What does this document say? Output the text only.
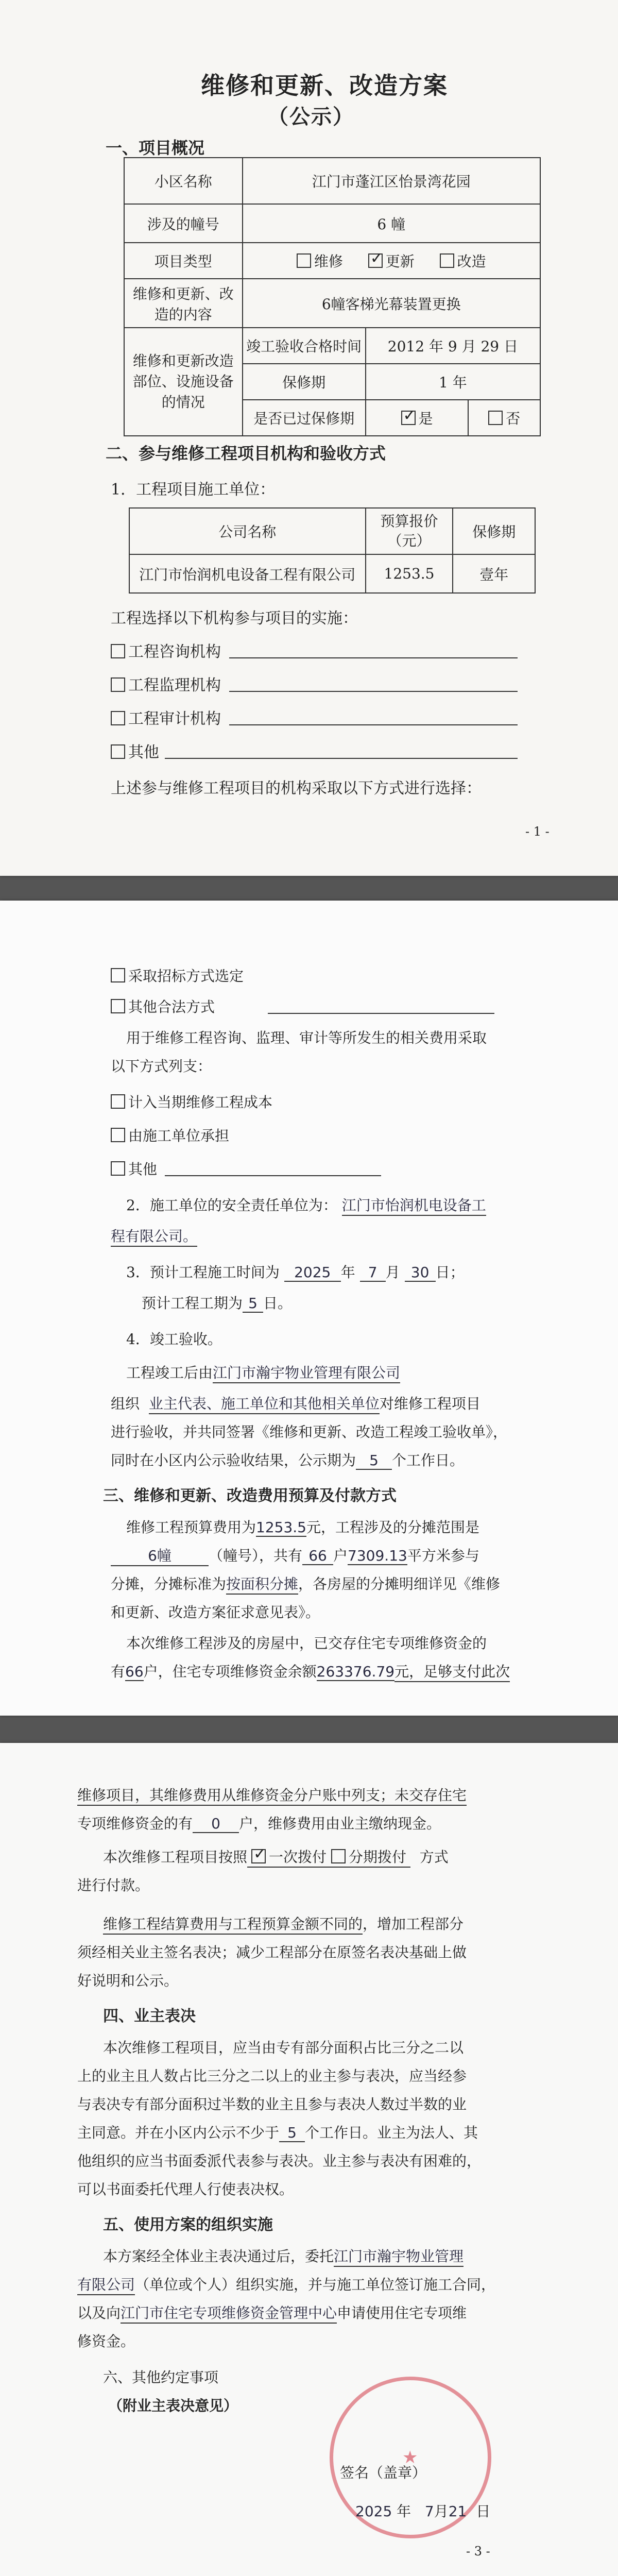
维修和更新、改造方案
（公示）
一、项目概况
小区名称	江门市蓬江区怡景湾花园		
涉及的幢号	6 幢		
项目类型	维修 ✓ 更新 改造
维修和更新、改造的内容	6幢客梯光幕装置更换		
维修和更新改造部位、设施设备的情况	竣工验收合格时间	2012 年 9 月 29 日	
	保修期	1 年	
	是否已过保修期	✓是	否
二、参与维修工程项目机构和验收方式
1．工程项目施工单位：
公司名称	预算报价（元）	保修期
江门市怡润机电设备工程有限公司	1253.5	壹年
工程选择以下机构参与项目的实施：
工程咨询机构
工程监理机构
工程审计机构
其他
上述参与维修工程项目的机构采取以下方式进行选择：
- 1 -
采取招标方式选定
其他合法方式
用于维修工程咨询、监理、审计等所发生的相关费用采取
以下方式列支：
计入当期维修工程成本
由施工单位承担
其他
2．施工单位的安全责任单位为： 江门市怡润机电设备工
程有限公司。
3．预计工程施工时间为 2025 年 7 月 30 日；
预计工程工期为 5 日。
4．竣工验收。
工程竣工后由江门市瀚宇物业管理有限公司
组织 业主代表、施工单位和其他相关单位对维修工程项目
进行验收，并共同签署《维修和更新、改造工程竣工验收单》，
同时在小区内公示验收结果，公示期为 5 个工作日。
三、维修和更新、改造费用预算及付款方式
维修工程预算费用为1253.5元，工程涉及的分摊范围是
6幢	（幢号），共有 66 户7309.13平方米参与
分摊，分摊标准为按面积分摊，各房屋的分摊明细详见《维修
和更新、改造方案征求意见表》。
本次维修工程涉及的房屋中，已交存住宅专项维修资金的
有66户，住宅专项维修资金余额263376.79元，足够支付此次
维修项目，其维修费用从维修资金分户账中列支；未交存住宅
专项维修资金的有 0 户，维修费用由业主缴纳现金。
本次维修工程项目按照 ✓ 一次拨付 分期拨付 方式
进行付款。
维修工程结算费用与工程预算金额不同的，增加工程部分
须经相关业主签名表决；减少工程部分在原签名表决基础上做
好说明和公示。
四、业主表决
本次维修工程项目，应当由专有部分面积占比三分之二以
上的业主且人数占比三分之二以上的业主参与表决，应当经参
与表决专有部分面积过半数的业主且参与表决人数过半数的业
主同意。并在小区内公示不少于 5 个工作日。业主为法人、其
他组织的应当书面委派代表参与表决。业主参与表决有困难的，
可以书面委托代理人行使表决权。
五、使用方案的组织实施
本方案经全体业主表决通过后，委托江门市瀚宇物业管理
有限公司（单位或个人）组织实施，并与施工单位签订施工合同，
以及向江门市住宅专项维修资金管理中心申请使用住宅专项维
修资金。
六、其他约定事项
（附业主表决意见）
★
签名（盖章）
2025 年 7月21 日
- 3 -
